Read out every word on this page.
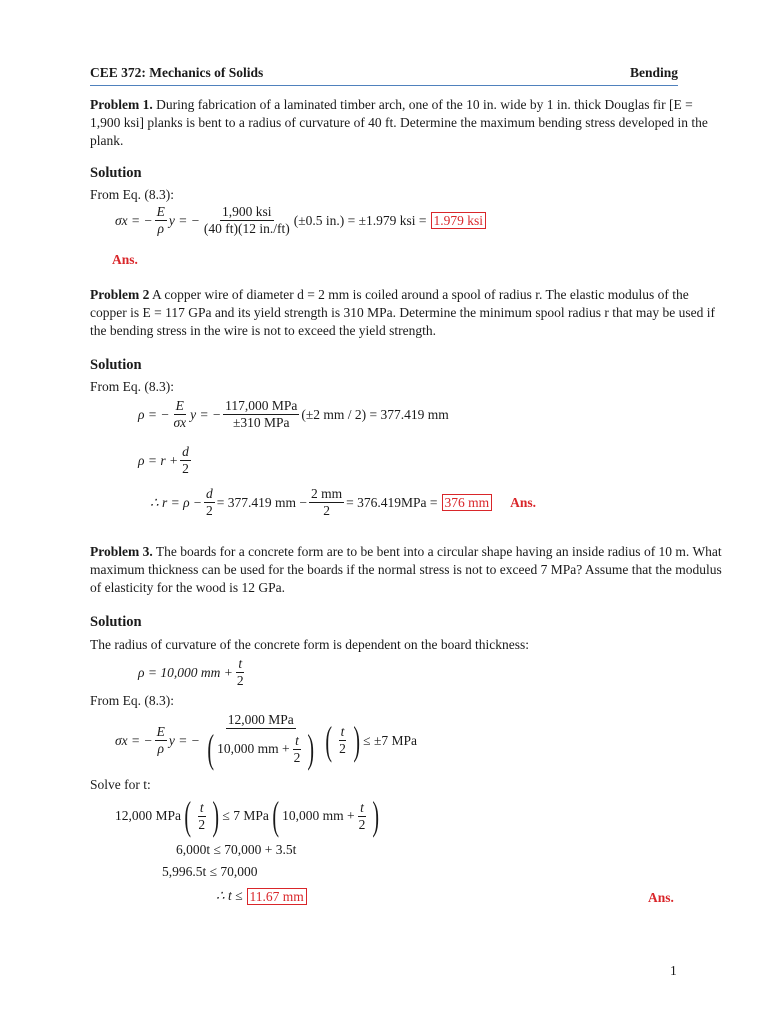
CEE 372: Mechanics of Solids	Bending
Problem 1. During fabrication of a laminated timber arch, one of the 10 in. wide by 1 in. thick Douglas fir [E = 1,900 ksi] planks is bent to a radius of curvature of 40 ft. Determine the maximum bending stress developed in the plank.
Solution
From Eq. (8.3):
σx = − $\frac{E}{\rho}$ y = − $\frac{\text{1,900 ksi}}{(40 ft)(12 in./ft)} (\pm 0.5$ in.) = ±1.979 ksi = 1.979 ksi
Ans.
Problem 2 A copper wire of diameter d = 2 mm is coiled around a spool of radius r. The elastic modulus of the copper is E = 117 GPa and its yield strength is 310 MPa. Determine the minimum spool radius r that may be used if the bending stress in the wire is not to exceed the yield strength.
Solution
From Eq. (8.3):
ρ = − $\frac{E}{\sigma x}$ y = − $\frac{\text{117,000 MPa}}{\text{±310 MPa}} (\pm 2$ mm / 2) = 377.419 mm
$\rho = r + \frac{d}{2}$
∴ $r = \rho - \frac{d}{2} = 377.419$ mm − $\frac{2 mm}{2} = 376.419MPa = 376$ mm Ans.
Problem 3. The boards for a concrete form are to be bent into a circular shape having an inside radius of 10 m. What maximum thickness can be used for the boards if the normal stress is not to exceed 7 MPa? Assume that the modulus of elasticity for the wood is 12 GPa.
Solution
The radius of curvature of the concrete form is dependent on the board thickness:
ρ = 10,000 mm + $\frac{t}{2}$
From Eq. (8.3):
σx = − $\frac{E}{\rho}$ y = − $\frac{\text{12,000 MPa}}{( 10,000 mm + \frac{t}{2} )}$ ( $\frac{t}{2}$ ) ≤ ±7 MPa
Solve for t:
12,000 MPa ( $\frac{t}{2}$ ) ≤ 7 MPa ( 10,000 mm + $\frac{t}{2}$ )
6,000t ≤ 70,000 + 3.5t
5,996.5t ≤ 70,000
∴ t ≤ 11.67 mm	Ans.
1
